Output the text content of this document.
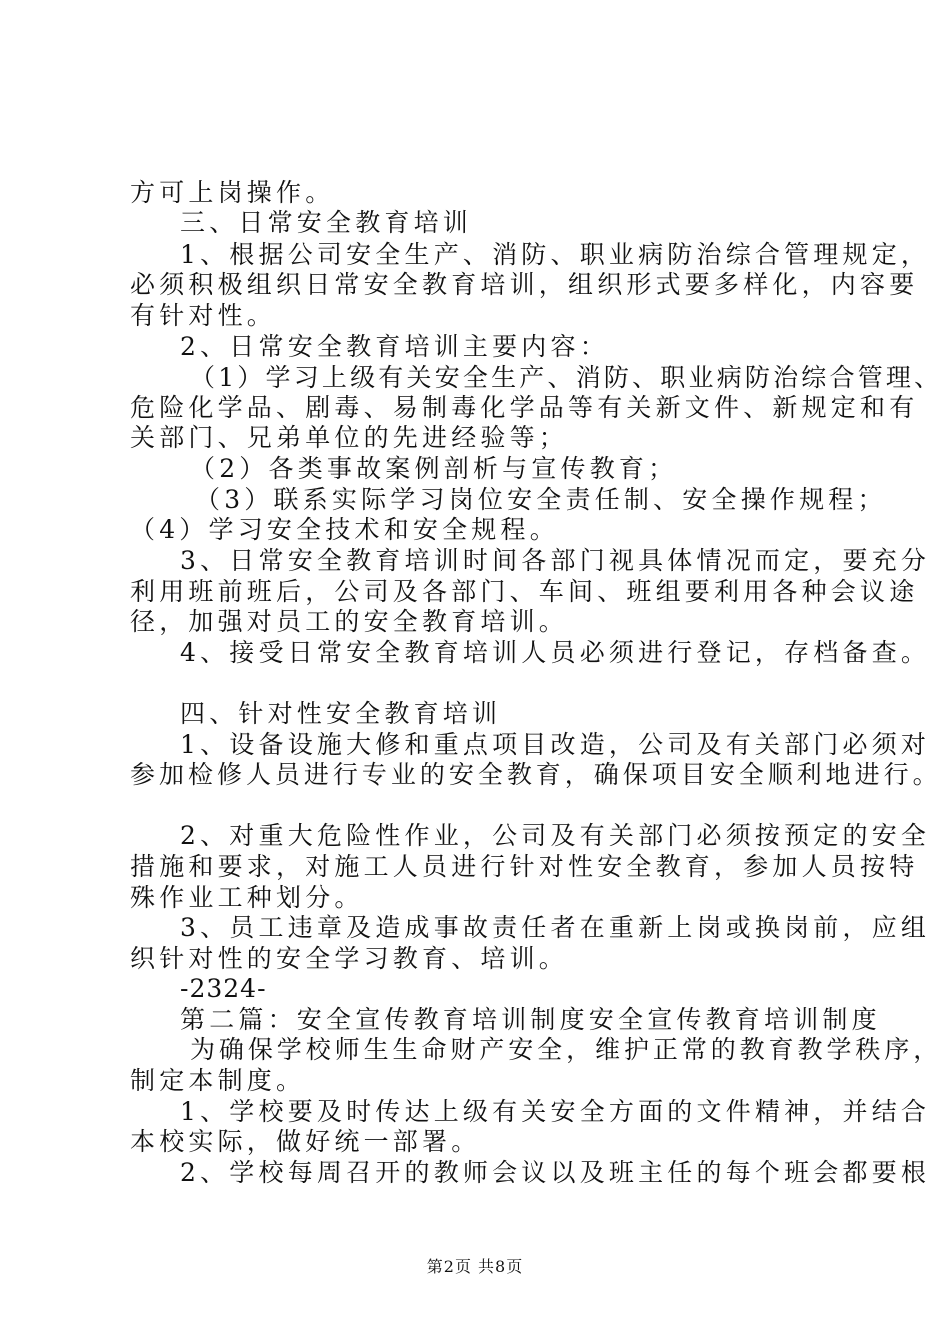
方可上岗操作。
三、日常安全教育培训
1、根据公司安全生产、消防、职业病防治综合管理规定，
必须积极组织日常安全教育培训，组织形式要多样化，内容要
有针对性。
2、日常安全教育培训主要内容：
（1）学习上级有关安全生产、消防、职业病防治综合管理、
危险化学品、剧毒、易制毒化学品等有关新文件、新规定和有
关部门、兄弟单位的先进经验等；
（2）各类事故案例剖析与宣传教育；
（3）联系实际学习岗位安全责任制、安全操作规程；
（4）学习安全技术和安全规程。
3、日常安全教育培训时间各部门视具体情况而定，要充分
利用班前班后，公司及各部门、车间、班组要利用各种会议途
径，加强对员工的安全教育培训。
4、接受日常安全教育培训人员必须进行登记，存档备查。
四、针对性安全教育培训
1、设备设施大修和重点项目改造，公司及有关部门必须对
参加检修人员进行专业的安全教育，确保项目安全顺利地进行。
2、对重大危险性作业，公司及有关部门必须按预定的安全
措施和要求，对施工人员进行针对性安全教育，参加人员按特
殊作业工种划分。
3、员工违章及造成事故责任者在重新上岗或换岗前，应组
织针对性的安全学习教育、培训。
-2324-
第二篇：安全宣传教育培训制度安全宣传教育培训制度
为确保学校师生生命财产安全，维护正常的教育教学秩序，
制定本制度。
1、学校要及时传达上级有关安全方面的文件精神，并结合
本校实际，做好统一部署。
2、学校每周召开的教师会议以及班主任的每个班会都要根
第2页 共8页
